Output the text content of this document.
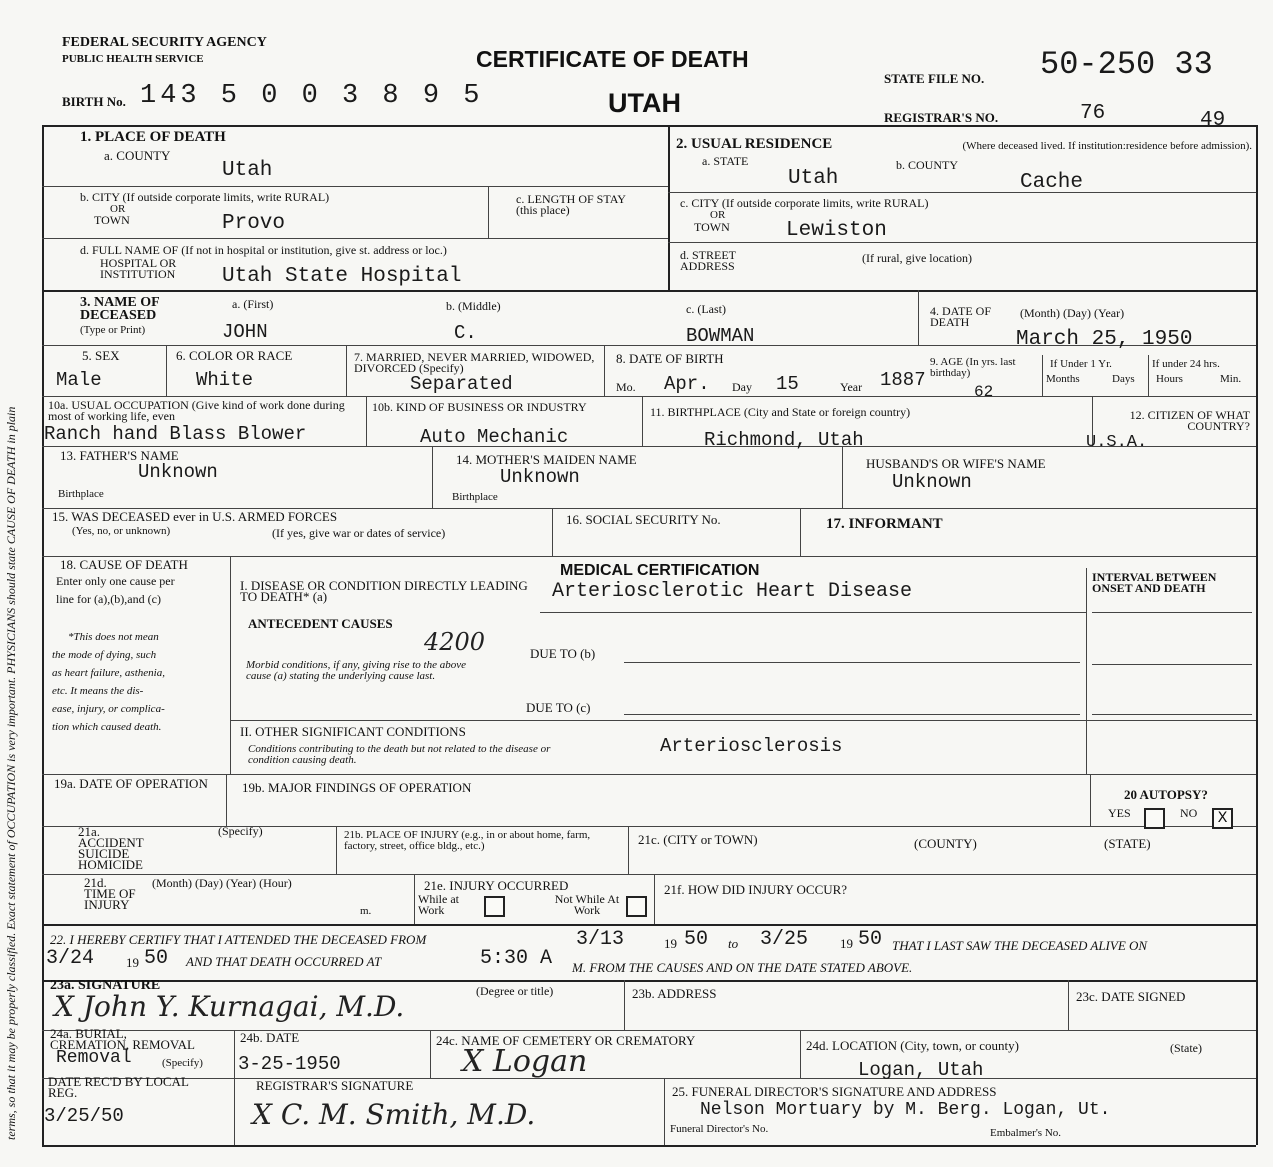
terms, so that it may be properly classified. Exact statement of OCCUPATION is very important. PHYSICIANS should state CAUSE OF DEATH in plain
FEDERAL SECURITY AGENCY
PUBLIC HEALTH SERVICE	CERTIFICATE OF DEATH
BIRTH No. 143 5 0 0 3 8 9 5	UTAH
STATE FILE NO. 50-250 33
REGISTRAR'S NO.	76	49
1. PLACE OF DEATH
a. COUNTY
Utah
b. CITY (If outside corporate limits, write RURAL)
OR
TOWN	Provo
c. LENGTH OF STAY (this place)
d. FULL NAME OF (If not in hospital or institution, give st. address or loc.)
HOSPITAL OR INSTITUTION	Utah State Hospital
2. USUAL RESIDENCE	(Where deceased lived. If institution:residence before admission).
a. STATE
Utah
b. COUNTY
Cache
c. CITY (If outside corporate limits, write RURAL)
OR
TOWN	Lewiston
d. STREET ADDRESS
(If rural, give location)
3. NAME OF DECEASED
(Type or Print)
a. (First)
JOHN
b. (Middle)
C.
c. (Last)
BOWMAN
4. DATE OF DEATH
(Month) (Day) (Year)
March 25, 1950
5. SEX
Male
6. COLOR OR RACE
White
7. MARRIED, NEVER MARRIED, WIDOWED, DIVORCED (Specify)
Separated
8. DATE OF BIRTH
Mo. Apr. Day 15	Year 1887
9. AGE (In yrs. last birthday)
62
If Under 1 Yr.
Months	Days
If under 24 hrs.
Hours	Min.
10a. USUAL OCCUPATION (Give kind of work done during most of working life, even
Ranch hand Blass Blower
10b. KIND OF BUSINESS OR INDUSTRY
Auto Mechanic
11. BIRTHPLACE (City and State or foreign country)
Richmond, Utah
12. CITIZEN OF WHAT COUNTRY?
U.S.A.
13. FATHER'S NAME
Unknown
Birthplace
14. MOTHER'S MAIDEN NAME
Unknown
Birthplace
HUSBAND'S OR WIFE'S NAME
Unknown
15. WAS DECEASED ever in U.S. ARMED FORCES
(Yes, no, or unknown)	(If yes, give war or dates of service)
16. SOCIAL SECURITY No.	17. INFORMANT
18. CAUSE OF DEATH
Enter only one cause per
line for (a),(b),and (c)
*This does not mean
the mode of dying, such
as heart failure, asthenia,
etc. It means the dis-
ease, injury, or complica-
tion which caused death.
MEDICAL CERTIFICATION	INTERVAL BETWEEN ONSET AND DEATH
I. DISEASE OR CONDITION DIRECTLY LEADING TO DEATH* (a)	Arteriosclerotic Heart Disease
4200
ANTECEDENT CAUSES
Morbid conditions, if any, giving rise to the above cause (a) stating the underlying cause last.
DUE TO (b)
DUE TO (c)
II. OTHER SIGNIFICANT CONDITIONS
Conditions contributing to the death but not related to the disease or condition causing death.
Arteriosclerosis
19a. DATE OF OPERATION	19b. MAJOR FINDINGS OF OPERATION	20 AUTOPSY?
YES	NO	X
21a. ACCIDENT SUICIDE HOMICIDE
(Specify)	21b. PLACE OF INJURY (e.g., in or about home, farm, factory, street, office bldg., etc.)	21c. (CITY or TOWN)	(COUNTY)	(STATE)
21d. TIME OF INJURY
(Month) (Day) (Year) (Hour)
m.
21e. INJURY OCCURRED
While at Work
Not While At Work
21f. HOW DID INJURY OCCUR?
22. I HEREBY CERTIFY THAT I ATTENDED THE DECEASED FROM	3/13	19 50 to 3/25 19 50 THAT I LAST SAW THE DECEASED ALIVE ON
3/24 19 50 AND THAT DEATH OCCURRED AT	5:30 A M. FROM THE CAUSES AND ON THE DATE STATED ABOVE.
23a. SIGNATURE	(Degree or title)
X John Y. Kurnagai, M.D.	23b. ADDRESS	23c. DATE SIGNED
24a. BURIAL, CREMATION, REMOVAL
(Specify)
Removal
24b. DATE
3-25-1950
24c. NAME OF CEMETERY OR CREMATORY
X Logan	24d. LOCATION (City, town, or county)	(State)
Logan, Utah
DATE REC'D BY LOCAL REG.
3/25/50
REGISTRAR'S SIGNATURE
X C. M. Smith, M.D.
25. FUNERAL DIRECTOR'S SIGNATURE AND ADDRESS
Nelson Mortuary by M. Berg. Logan, Ut.
Funeral Director's No.	Embalmer's No.
